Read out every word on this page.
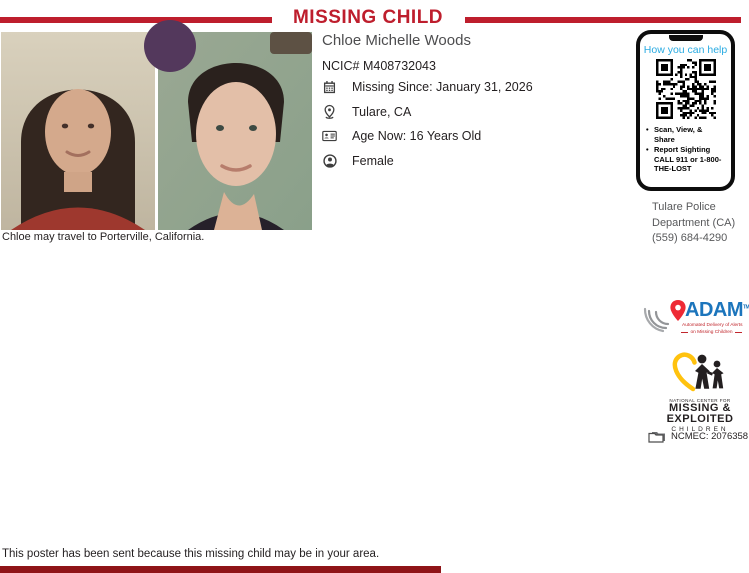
MISSING CHILD
Chloe may travel to Porterville, California.
Chloe Michelle Woods
NCIC# M408732043
Missing Since: January 31, 2026
Tulare, CA
Age Now: 16 Years Old
Female
How you can help
• Scan, View, & Share
• Report Sighting CALL 911 or 1-800-THE-LOST
Tulare Police
Department (CA)
(559) 684-4290
ADAM™
Automated Delivery of Alerts
on Missing Children
NATIONAL CENTER FOR
MISSING &
EXPLOITED
CHILDREN
NCMEC: 2076358
This poster has been sent because this missing child may be in your area.
